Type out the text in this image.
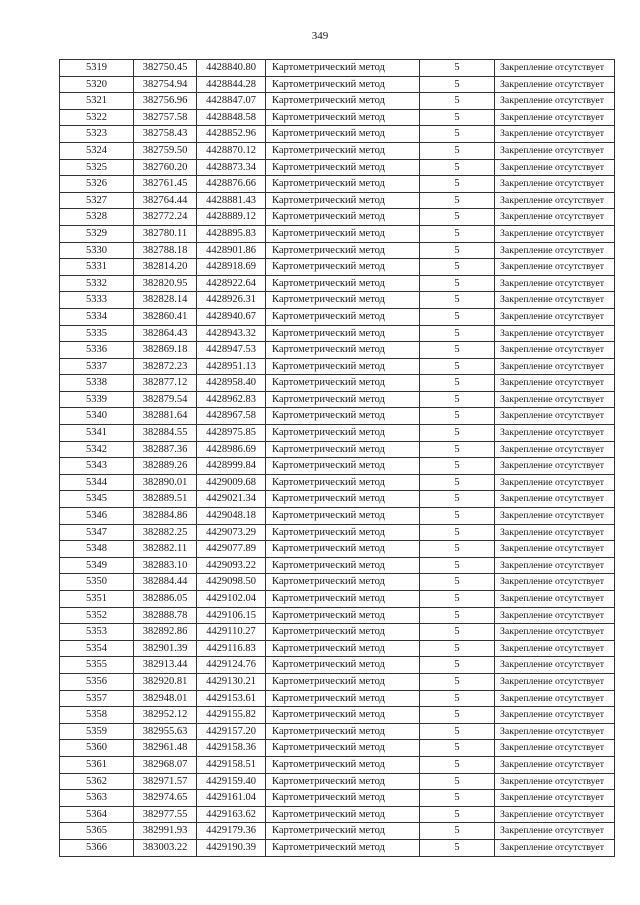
349
5319	382750.45	4428840.80	Картометрический метод	5	Закрепление отсутствует
5320	382754.94	4428844.28	Картометрический метод	5	Закрепление отсутствует
5321	382756.96	4428847.07	Картометрический метод	5	Закрепление отсутствует
5322	382757.58	4428848.58	Картометрический метод	5	Закрепление отсутствует
5323	382758.43	4428852.96	Картометрический метод	5	Закрепление отсутствует
5324	382759.50	4428870.12	Картометрический метод	5	Закрепление отсутствует
5325	382760.20	4428873.34	Картометрический метод	5	Закрепление отсутствует
5326	382761.45	4428876.66	Картометрический метод	5	Закрепление отсутствует
5327	382764.44	4428881.43	Картометрический метод	5	Закрепление отсутствует
5328	382772.24	4428889.12	Картометрический метод	5	Закрепление отсутствует
5329	382780.11	4428895.83	Картометрический метод	5	Закрепление отсутствует
5330	382788.18	4428901.86	Картометрический метод	5	Закрепление отсутствует
5331	382814.20	4428918.69	Картометрический метод	5	Закрепление отсутствует
5332	382820.95	4428922.64	Картометрический метод	5	Закрепление отсутствует
5333	382828.14	4428926.31	Картометрический метод	5	Закрепление отсутствует
5334	382860.41	4428940.67	Картометрический метод	5	Закрепление отсутствует
5335	382864.43	4428943.32	Картометрический метод	5	Закрепление отсутствует
5336	382869.18	4428947.53	Картометрический метод	5	Закрепление отсутствует
5337	382872.23	4428951.13	Картометрический метод	5	Закрепление отсутствует
5338	382877.12	4428958.40	Картометрический метод	5	Закрепление отсутствует
5339	382879.54	4428962.83	Картометрический метод	5	Закрепление отсутствует
5340	382881.64	4428967.58	Картометрический метод	5	Закрепление отсутствует
5341	382884.55	4428975.85	Картометрический метод	5	Закрепление отсутствует
5342	382887.36	4428986.69	Картометрический метод	5	Закрепление отсутствует
5343	382889.26	4428999.84	Картометрический метод	5	Закрепление отсутствует
5344	382890.01	4429009.68	Картометрический метод	5	Закрепление отсутствует
5345	382889.51	4429021.34	Картометрический метод	5	Закрепление отсутствует
5346	382884.86	4429048.18	Картометрический метод	5	Закрепление отсутствует
5347	382882.25	4429073.29	Картометрический метод	5	Закрепление отсутствует
5348	382882.11	4429077.89	Картометрический метод	5	Закрепление отсутствует
5349	382883.10	4429093.22	Картометрический метод	5	Закрепление отсутствует
5350	382884.44	4429098.50	Картометрический метод	5	Закрепление отсутствует
5351	382886.05	4429102.04	Картометрический метод	5	Закрепление отсутствует
5352	382888.78	4429106.15	Картометрический метод	5	Закрепление отсутствует
5353	382892.86	4429110.27	Картометрический метод	5	Закрепление отсутствует
5354	382901.39	4429116.83	Картометрический метод	5	Закрепление отсутствует
5355	382913.44	4429124.76	Картометрический метод	5	Закрепление отсутствует
5356	382920.81	4429130.21	Картометрический метод	5	Закрепление отсутствует
5357	382948.01	4429153.61	Картометрический метод	5	Закрепление отсутствует
5358	382952.12	4429155.82	Картометрический метод	5	Закрепление отсутствует
5359	382955.63	4429157.20	Картометрический метод	5	Закрепление отсутствует
5360	382961.48	4429158.36	Картометрический метод	5	Закрепление отсутствует
5361	382968.07	4429158.51	Картометрический метод	5	Закрепление отсутствует
5362	382971.57	4429159.40	Картометрический метод	5	Закрепление отсутствует
5363	382974.65	4429161.04	Картометрический метод	5	Закрепление отсутствует
5364	382977.55	4429163.62	Картометрический метод	5	Закрепление отсутствует
5365	382991.93	4429179.36	Картометрический метод	5	Закрепление отсутствует
5366	383003.22	4429190.39	Картометрический метод	5	Закрепление отсутствует
